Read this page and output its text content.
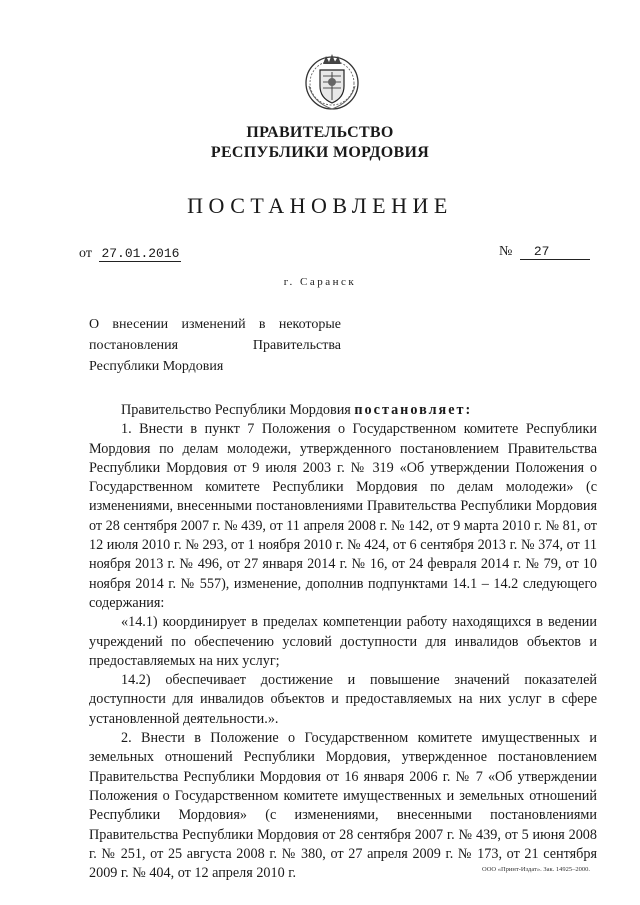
ПРАВИТЕЛЬСТВО
РЕСПУБЛИКИ МОРДОВИЯ
ПОСТАНОВЛЕНИЕ
от 27.01.2016	№ 27
г. Саранск
О внесении изменений в некоторые
постановления	Правительства
Республики Мордовия

Правительство Республики Мордовия постановляет:

1. Внести в пункт 7 Положения о Государственном комитете Республики Мордовия по делам молодежи, утвержденного постановлением Правительства Республики Мордовия от 9 июля 2003 г. № 319 «Об утверждении Положения о Государственном комитете Республики Мордовия по делам молодежи» (с изменениями, внесенными постановлениями Правительства Республики Мордовия от 28 сентября 2007 г. № 439, от 11 апреля 2008 г. № 142, от 9 марта 2010 г. № 81, от 12 июля 2010 г. № 293, от 1 ноября 2010 г. № 424, от 6 сентября 2013 г. № 374, от 11 ноября 2013 г. № 496, от 27 января 2014 г. № 16, от 24 февраля 2014 г. № 79, от 10 ноября 2014 г. № 557), изменение, дополнив подпунктами 14.1 – 14.2 следующего содержания:

«14.1) координирует в пределах компетенции работу находящихся в ведении учреждений по обеспечению условий доступности для инвалидов объектов и предоставляемых на них услуг;

14.2) обеспечивает достижение и повышение значений показателей доступности для инвалидов объектов и предоставляемых на них услуг в сфере установленной деятельности.».

2. Внести в Положение о Государственном комитете имущественных и земельных отношений Республики Мордовия, утвержденное постановлением Правительства Республики Мордовия от 16 января 2006 г. № 7 «Об утверждении Положения о Государственном комитете имущественных и земельных отношений Республики Мордовия» (с изменениями, внесенными постановлениями Правительства Республики Мордовия от 28 сентября 2007 г. № 439, от 5 июня 2008 г. № 251, от 25 августа 2008 г. № 380, от 27 апреля 2009 г. № 173, от 21 сентября 2009 г. № 404, от 12 апреля 2010 г.	ООО «Принт-Издат». Зак. 14925–2000.
